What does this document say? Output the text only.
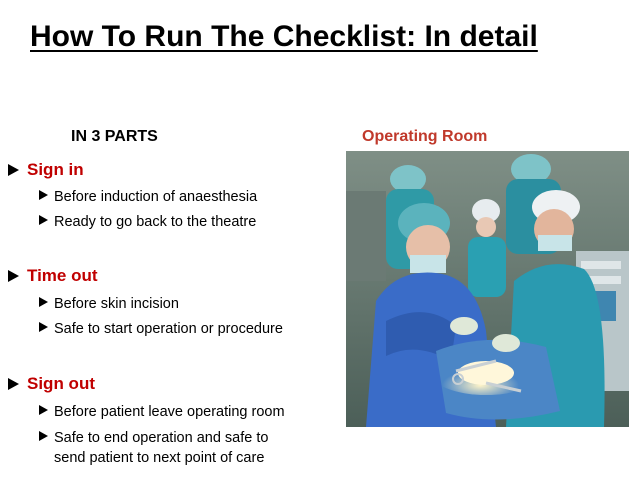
How To Run The Checklist: In detail
IN 3 PARTS	Operating Room
Sign in
Before induction of anaesthesia
Ready to go back to the theatre
Time out
Before skin incision
Safe to start operation or procedure
Sign out
Before patient leave operating room
Safe to end operation and safe to
send patient to next point of care
